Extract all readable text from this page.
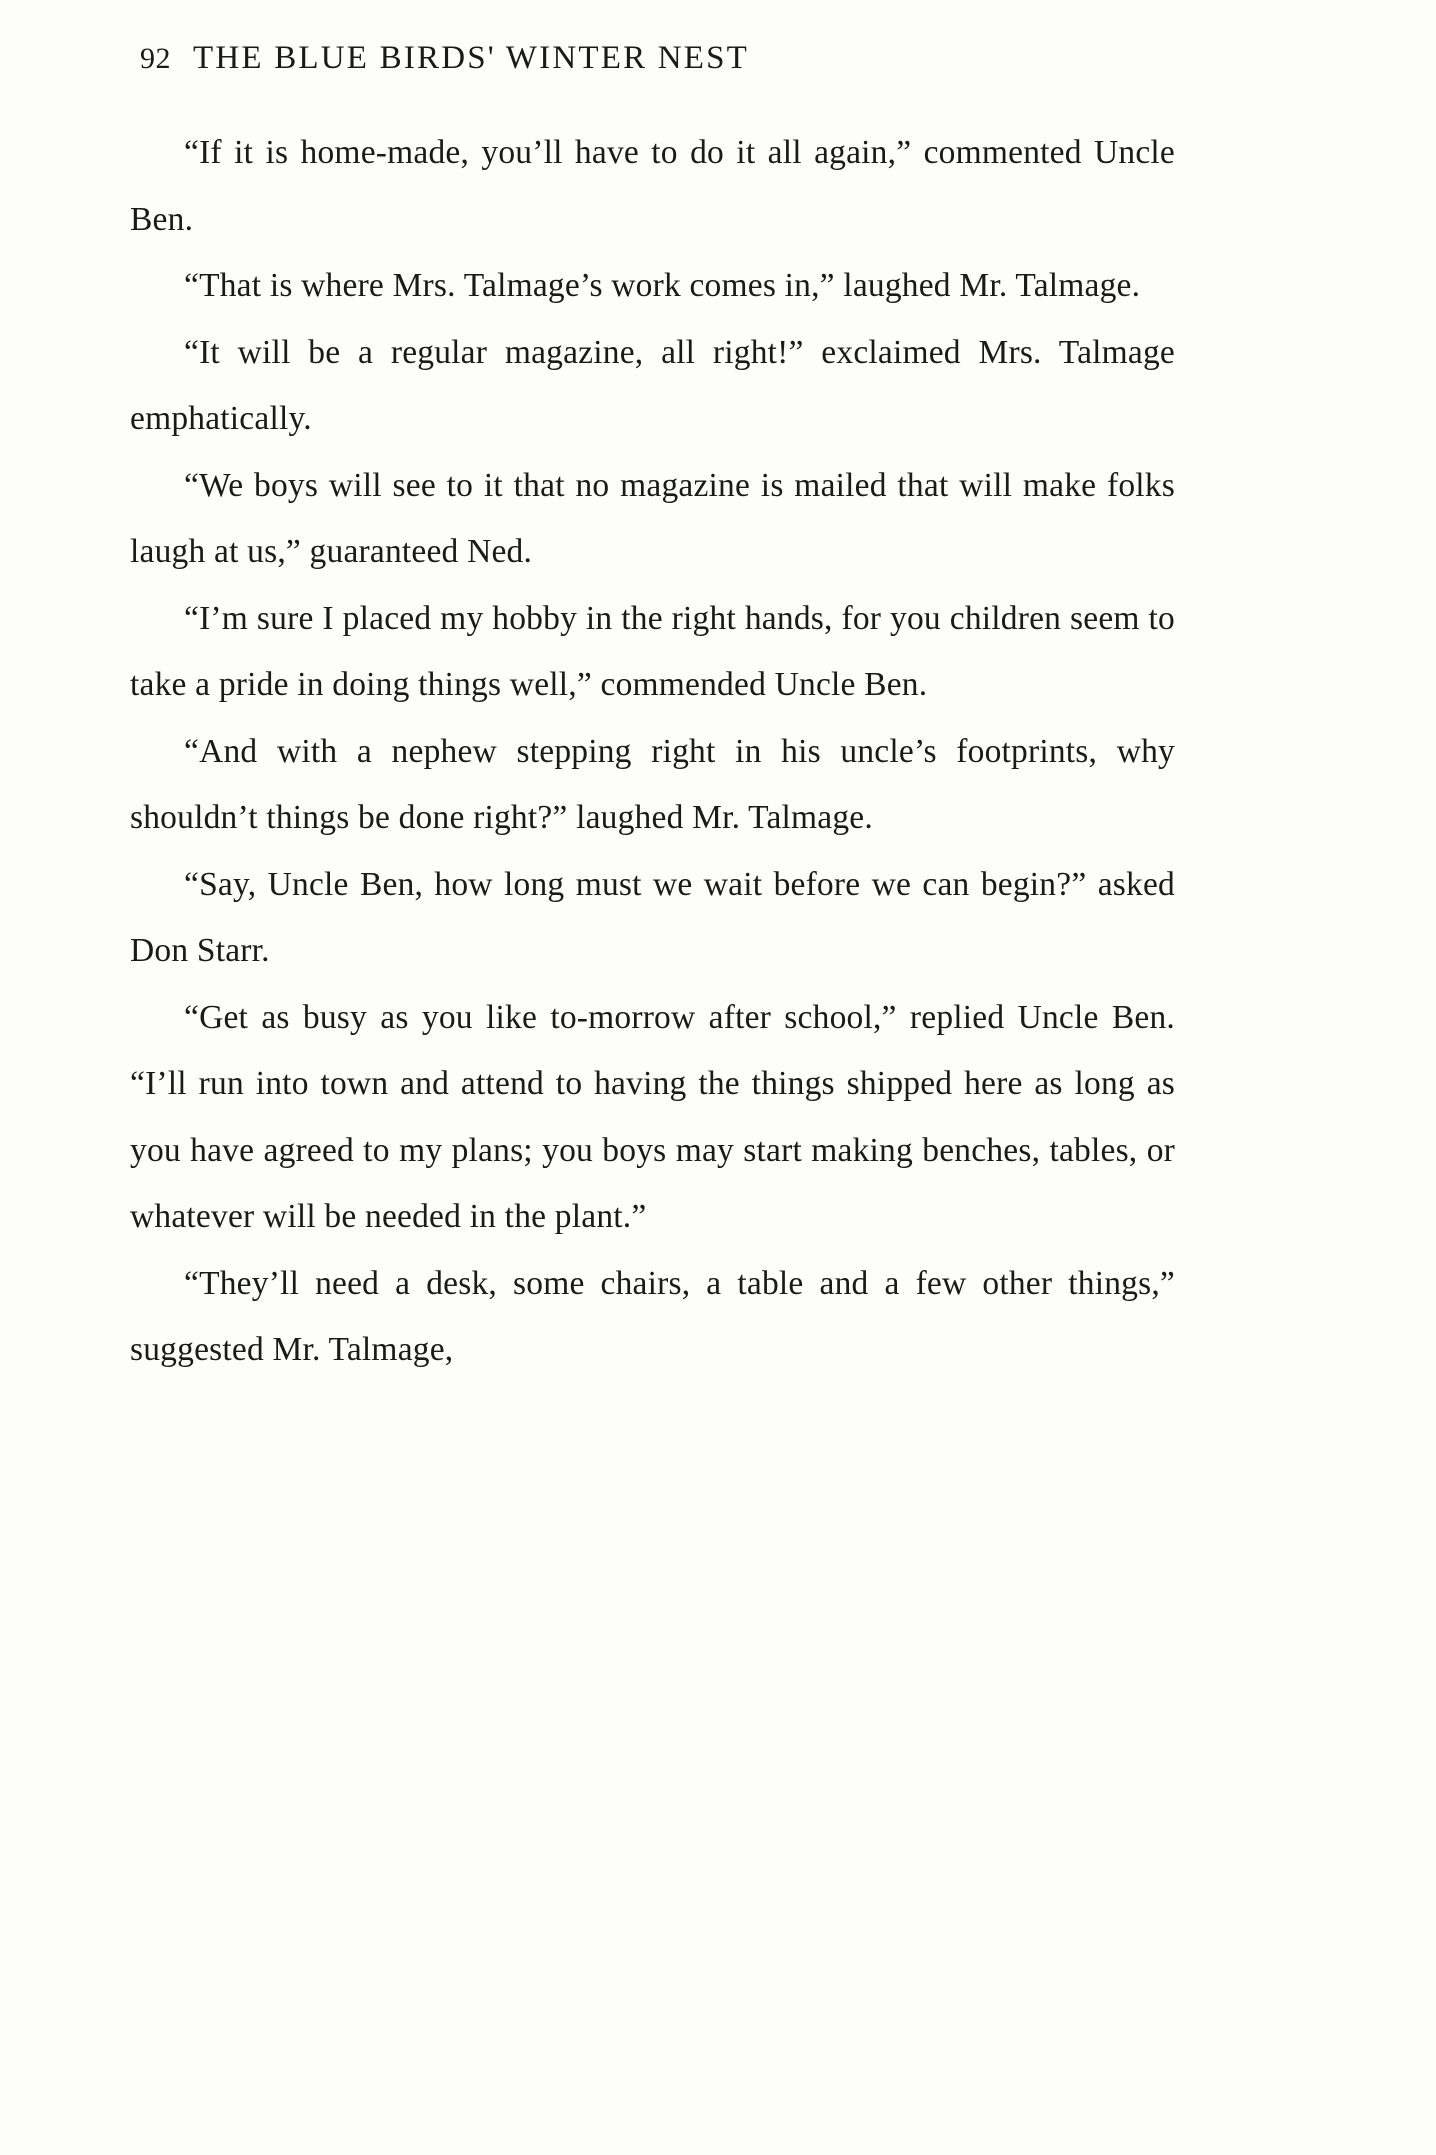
92 THE BLUE BIRDS' WINTER NEST

“If it is home-made, you’ll have to do it all again,” commented Uncle Ben.

“That is where Mrs. Talmage’s work comes in,” laughed Mr. Talmage.

“It will be a regular magazine, all right!” exclaimed Mrs. Talmage emphatically.

“We boys will see to it that no magazine is mailed that will make folks laugh at us,” guaranteed Ned.

“I’m sure I placed my hobby in the right hands, for you children seem to take a pride in doing things well,” commended Uncle Ben.

“And with a nephew stepping right in his uncle’s footprints, why shouldn’t things be done right?” laughed Mr. Talmage.

“Say, Uncle Ben, how long must we wait before we can begin?” asked Don Starr.

“Get as busy as you like to-morrow after school,” replied Uncle Ben. “I’ll run into town and attend to having the things shipped here as long as you have agreed to my plans; you boys may start making benches, tables, or whatever will be needed in the plant.”

“They’ll need a desk, some chairs, a table and a few other things,” suggested Mr. Talmage,
